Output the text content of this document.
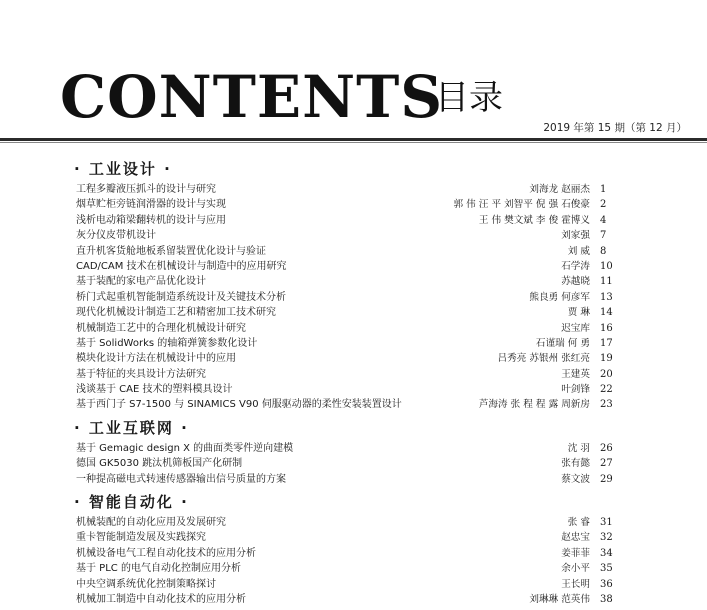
CONTENTS
目录
2019 年第 15 期（第 12 月）
· 工业设计 ·
工程多瓣液压抓斗的设计与研究	刘海龙 赵丽杰 1
烟草贮柜旁链润滑器的设计与实现	郭 伟 汪 平 刘智平 倪 强 石俊豪 2
浅析电动箱梁翻转机的设计与应用	王 伟 樊文斌 李 俊 霍博义 4
灰分仪皮带机设计	刘家强 7
直升机客货舱地板系留装置优化设计与验证	刘 威 8
CAD/CAM 技术在机械设计与制造中的应用研究	石学涛 10
基于装配的家电产品优化设计	苏越晓 11
桥门式起重机智能制造系统设计及关键技术分析	熊良勇 何彦军 13
现代化机械设计制造工艺和精密加工技术研究	贾 琳 14
机械制造工艺中的合理化机械设计研究	迟宝库 16
基于 SolidWorks 的轴箱弹簧参数化设计	石谨瑞 何 勇 17
模块化设计方法在机械设计中的应用	吕秀亮 苏银州 张红亮 19
基于特征的夹具设计方法研究	王建英 20
浅谈基于 CAE 技术的塑料模具设计	叶剑锋 22
基于西门子 S7-1500 与 SINAMICS V90 伺服驱动器的柔性安装装置设计	芦海涛 张 程 程 露 周新房 23
· 工业互联网 ·
基于 Gemagic design X 的曲面类零件逆向建模	沈 羽 26
德国 GK5030 跳汰机筛板国产化研制	张有懿 27
一种提高磁电式转速传感器输出信号质量的方案	蔡文波 29
· 智能自动化 ·
机械装配的自动化应用及发展研究	张 睿 31
重卡智能制造发展及实践探究	赵忠宝 32
机械设备电气工程自动化技术的应用分析	姜菲菲 34
基于 PLC 的电气自动化控制应用分析	余小平 35
中央空调系统优化控制策略探讨	王长明 36
机械加工制造中自动化技术的应用分析	刘琳琳 范英伟 38
